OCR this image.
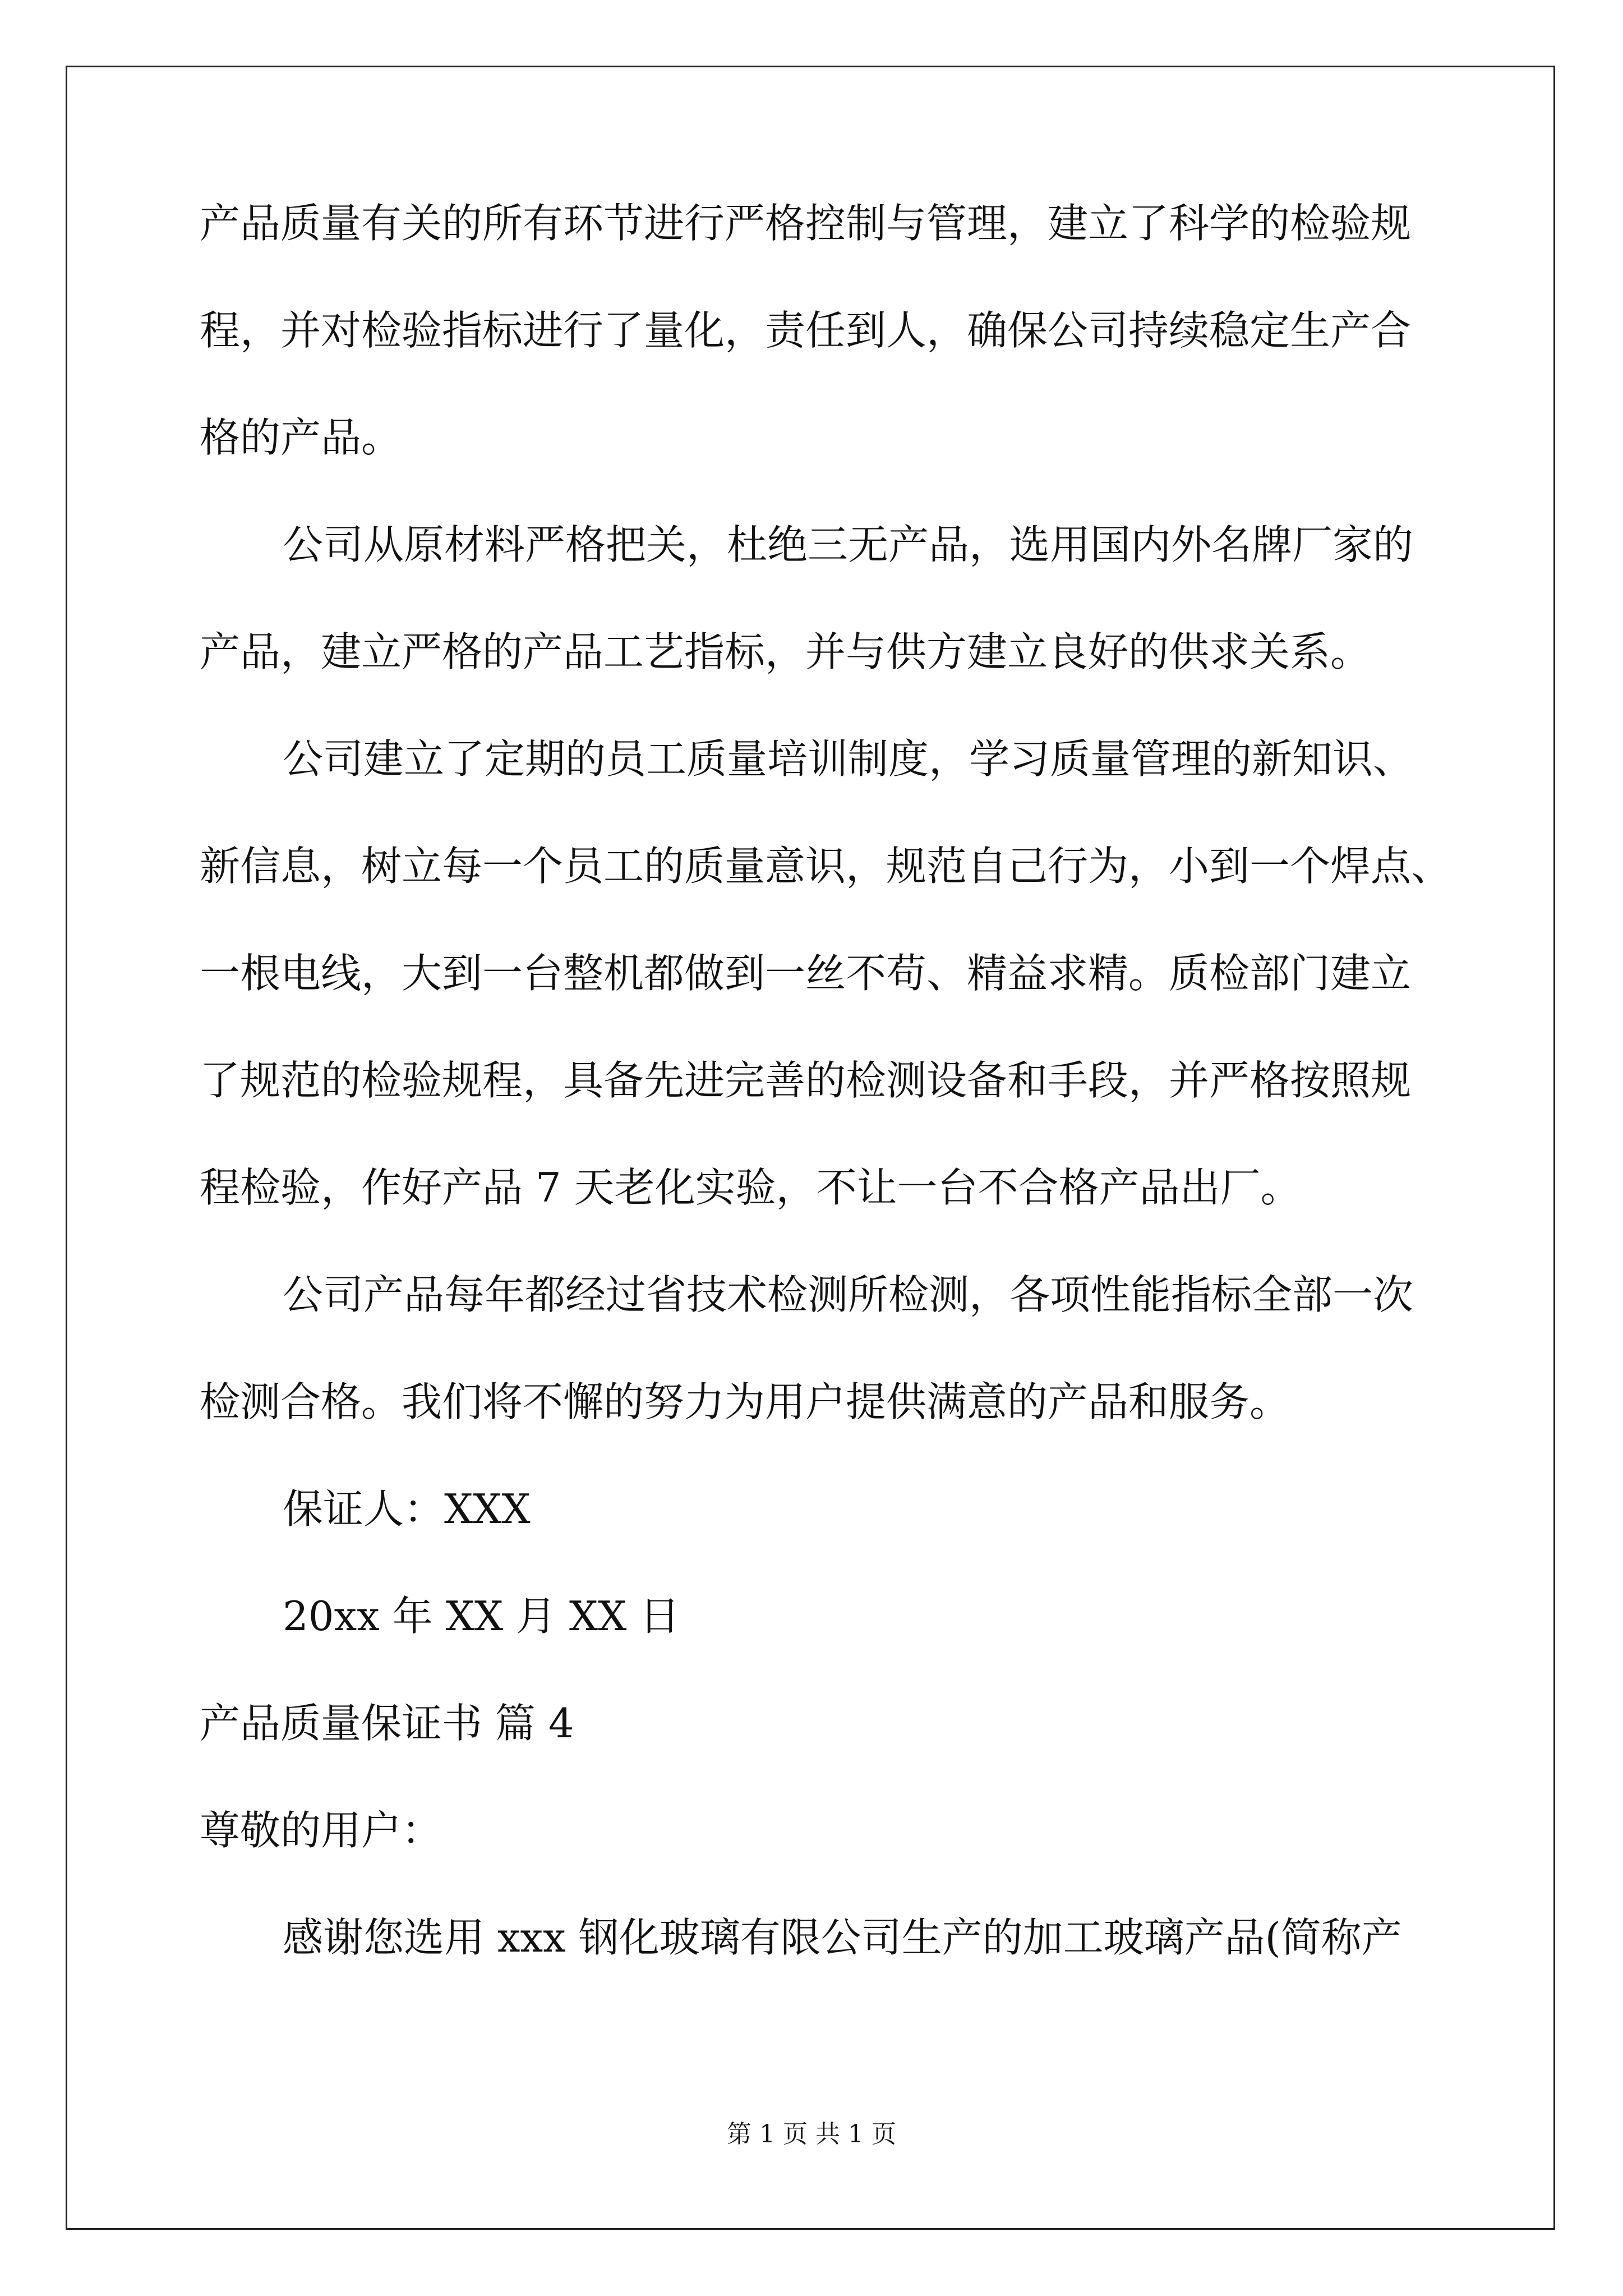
产品质量有关的所有环节进行严格控制与管理，建立了科学的检验规
程，并对检验指标进行了量化，责任到人，确保公司持续稳定生产合
格的产品。
公司从原材料严格把关，杜绝三无产品，选用国内外名牌厂家的
产品，建立严格的产品工艺指标，并与供方建立良好的供求关系。
公司建立了定期的员工质量培训制度，学习质量管理的新知识、
新信息，树立每一个员工的质量意识，规范自己行为，小到一个焊点、
一根电线，大到一台整机都做到一丝不苟、精益求精。质检部门建立
了规范的检验规程，具备先进完善的检测设备和手段，并严格按照规
程检验，作好产品 7 天老化实验，不让一台不合格产品出厂。
公司产品每年都经过省技术检测所检测，各项性能指标全部一次
检测合格。我们将不懈的努力为用户提供满意的产品和服务。
保证人：XXX
20xx 年 XX 月 XX 日
产品质量保证书 篇 4
尊敬的用户：
感谢您选用 xxx 钢化玻璃有限公司生产的加工玻璃产品(简称产
第 1 页 共 1 页
